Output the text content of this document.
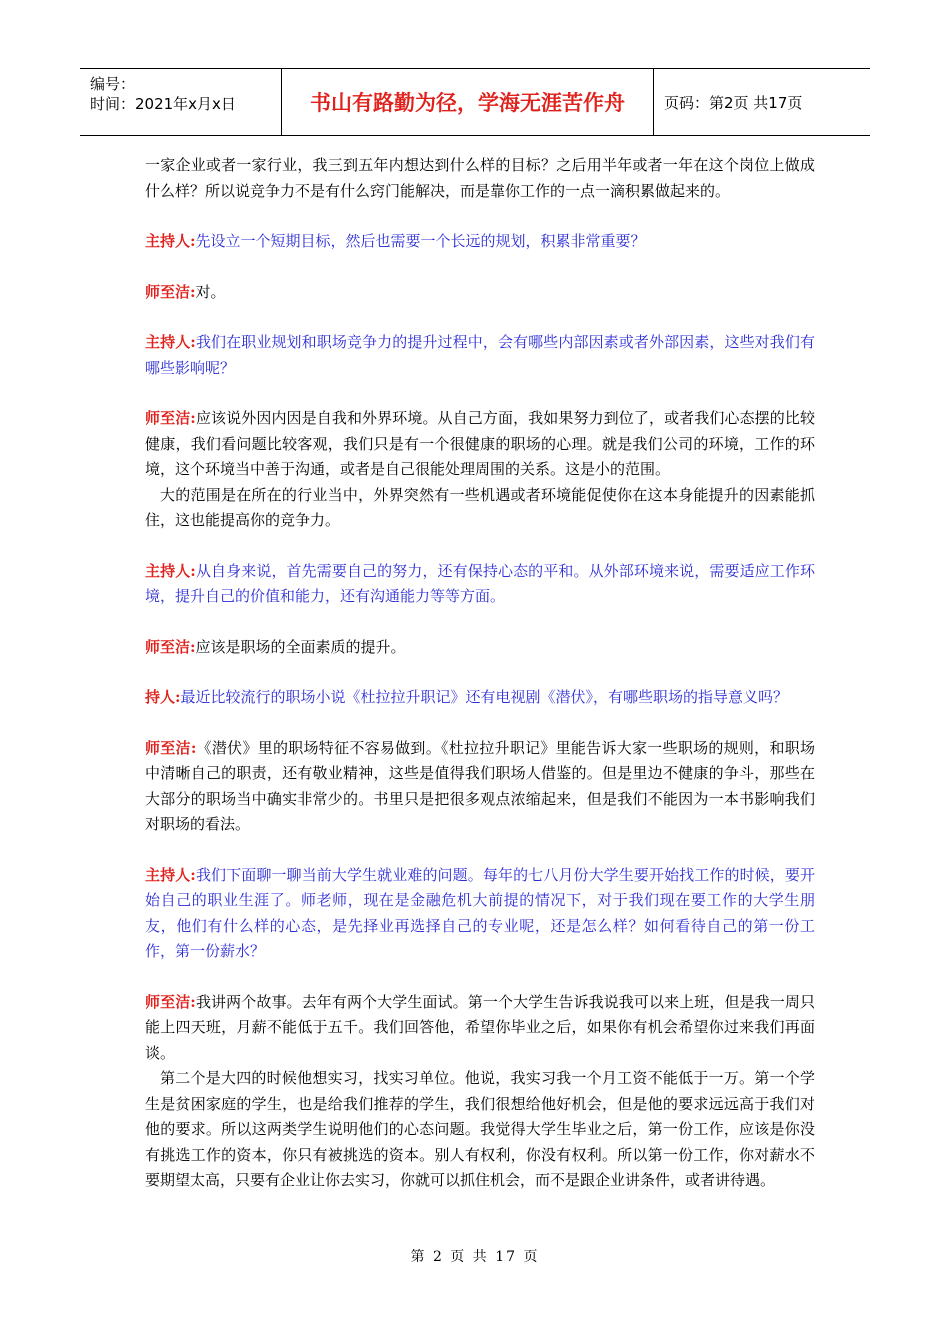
编号：
时间：2021年x月x日	书山有路勤为径，学海无涯苦作舟	页码：第2页 共17页

一家企业或者一家行业，我三到五年内想达到什么样的目标？之后用半年或者一年在这个岗位上做成什么样？所以说竞争力不是有什么窍门能解决，而是靠你工作的一点一滴积累做起来的。

主持人:先设立一个短期目标，然后也需要一个长远的规划，积累非常重要？

师至洁:对。

主持人:我们在职业规划和职场竞争力的提升过程中，会有哪些内部因素或者外部因素，这些对我们有哪些影响呢？

师至洁:应该说外因内因是自我和外界环境。从自己方面，我如果努力到位了，或者我们心态摆的比较健康，我们看问题比较客观，我们只是有一个很健康的职场的心理。就是我们公司的环境，工作的环境，这个环境当中善于沟通，或者是自己很能处理周围的关系。这是小的范围。

大的范围是在所在的行业当中，外界突然有一些机遇或者环境能促使你在这本身能提升的因素能抓住，这也能提高你的竞争力。

主持人:从自身来说，首先需要自己的努力，还有保持心态的平和。从外部环境来说，需要适应工作环境，提升自己的价值和能力，还有沟通能力等等方面。

师至洁:应该是职场的全面素质的提升。

持人:最近比较流行的职场小说《杜拉拉升职记》还有电视剧《潜伏》，有哪些职场的指导意义吗？

师至洁:《潜伏》里的职场特征不容易做到。《杜拉拉升职记》里能告诉大家一些职场的规则，和职场中清晰自己的职责，还有敬业精神，这些是值得我们职场人借鉴的。但是里边不健康的争斗，那些在大部分的职场当中确实非常少的。书里只是把很多观点浓缩起来，但是我们不能因为一本书影响我们对职场的看法。

主持人:我们下面聊一聊当前大学生就业难的问题。每年的七八月份大学生要开始找工作的时候，要开始自己的职业生涯了。师老师，现在是金融危机大前提的情况下，对于我们现在要工作的大学生朋友，他们有什么样的心态，是先择业再选择自己的专业呢，还是怎么样？如何看待自己的第一份工作，第一份薪水？

师至洁:我讲两个故事。去年有两个大学生面试。第一个大学生告诉我说我可以来上班，但是我一周只能上四天班，月薪不能低于五千。我们回答他，希望你毕业之后，如果你有机会希望你过来我们再面谈。

第二个是大四的时候他想实习，找实习单位。他说，我实习我一个月工资不能低于一万。第一个学生是贫困家庭的学生，也是给我们推荐的学生，我们很想给他好机会，但是他的要求远远高于我们对他的要求。所以这两类学生说明他们的心态问题。我觉得大学生毕业之后，第一份工作，应该是你没有挑选工作的资本，你只有被挑选的资本。别人有权利，你没有权利。所以第一份工作，你对薪水不要期望太高，只要有企业让你去实习，你就可以抓住机会，而不是跟企业讲条件，或者讲待遇。

第 2 页 共 17 页
